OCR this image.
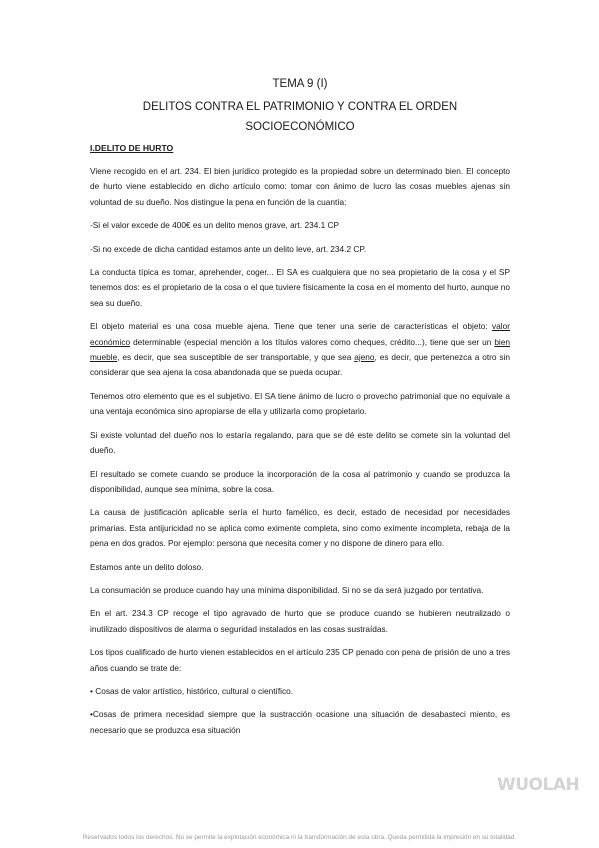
TEMA 9 (I)
DELITOS CONTRA EL PATRIMONIO Y CONTRA EL ORDEN SOCIOECONÓMICO
I.DELITO DE HURTO

Viene recogido en el art. 234. El bien jurídico protegido es la propiedad sobre un determinado bien. El concepto de hurto viene establecido en dicho artículo como: tomar con ánimo de lucro las cosas muebles ajenas sin voluntad de su dueño. Nos distingue la pena en función de la cuantía:

-Si el valor excede de 400€ es un delito menos grave, art. 234.1 CP

-Si no excede de dicha cantidad estamos ante un delito leve, art. 234.2 CP.

La conducta típica es tomar, aprehender, coger... El SA es cualquiera que no sea propietario de la cosa y el SP tenemos dos: es el propietario de la cosa o el que tuviere físicamente la cosa en el momento del hurto, aunque no sea su dueño.

El objeto material es una cosa mueble ajena. Tiene que tener una serie de características el objeto: valor económico determinable (especial mención a los títulos valores como cheques, crédito...), tiene que ser un bien mueble, es decir, que sea susceptible de ser transportable, y que sea ajeno, es decir, que pertenezca a otro sin considerar que sea ajena la cosa abandonada que se pueda ocupar.

Tenemos otro elemento que es el subjetivo. El SA tiene ánimo de lucro o provecho patrimonial que no equivale a una ventaja económica sino apropiarse de ella y utilizarla como propietario.

Si existe voluntad del dueño nos lo estaría regalando, para que se dé este delito se comete sin la voluntad del dueño.

El resultado se comete cuando se produce la incorporación de la cosa al patrimonio y cuando se produzca la disponibilidad, aunque sea mínima, sobre la cosa.

La causa de justificación aplicable sería el hurto famélico, es decir, estado de necesidad por necesidades primarias. Esta antijuricidad no se aplica como eximente completa, sino como eximente incompleta, rebaja de la pena en dos grados. Por ejemplo: persona que necesita comer y no dispone de dinero para ello.

Estamos ante un delito doloso.

La consumación se produce cuando hay una mínima disponibilidad. Si no se da será juzgado por tentativa.

En el art. 234.3 CP recoge el tipo agravado de hurto que se produce cuando se hubieren neutralizado o inutilizado dispositivos de alarma o seguridad instalados en las cosas sustraídas.

Los tipos cualificado de hurto vienen establecidos en el artículo 235 CP penado con pena de prisión de uno a tres años cuando se trate de:

• Cosas de valor artístico, histórico, cultural o científico.

•Cosas de primera necesidad siempre que la sustracción ocasione una situación de desabasteci miento, es necesario que se produzca esa situación

WUOLAH
Reservados todos los derechos. No se permite la explotación económica ni la transformación de esta obra. Queda permitida la impresión en su totalidad.
